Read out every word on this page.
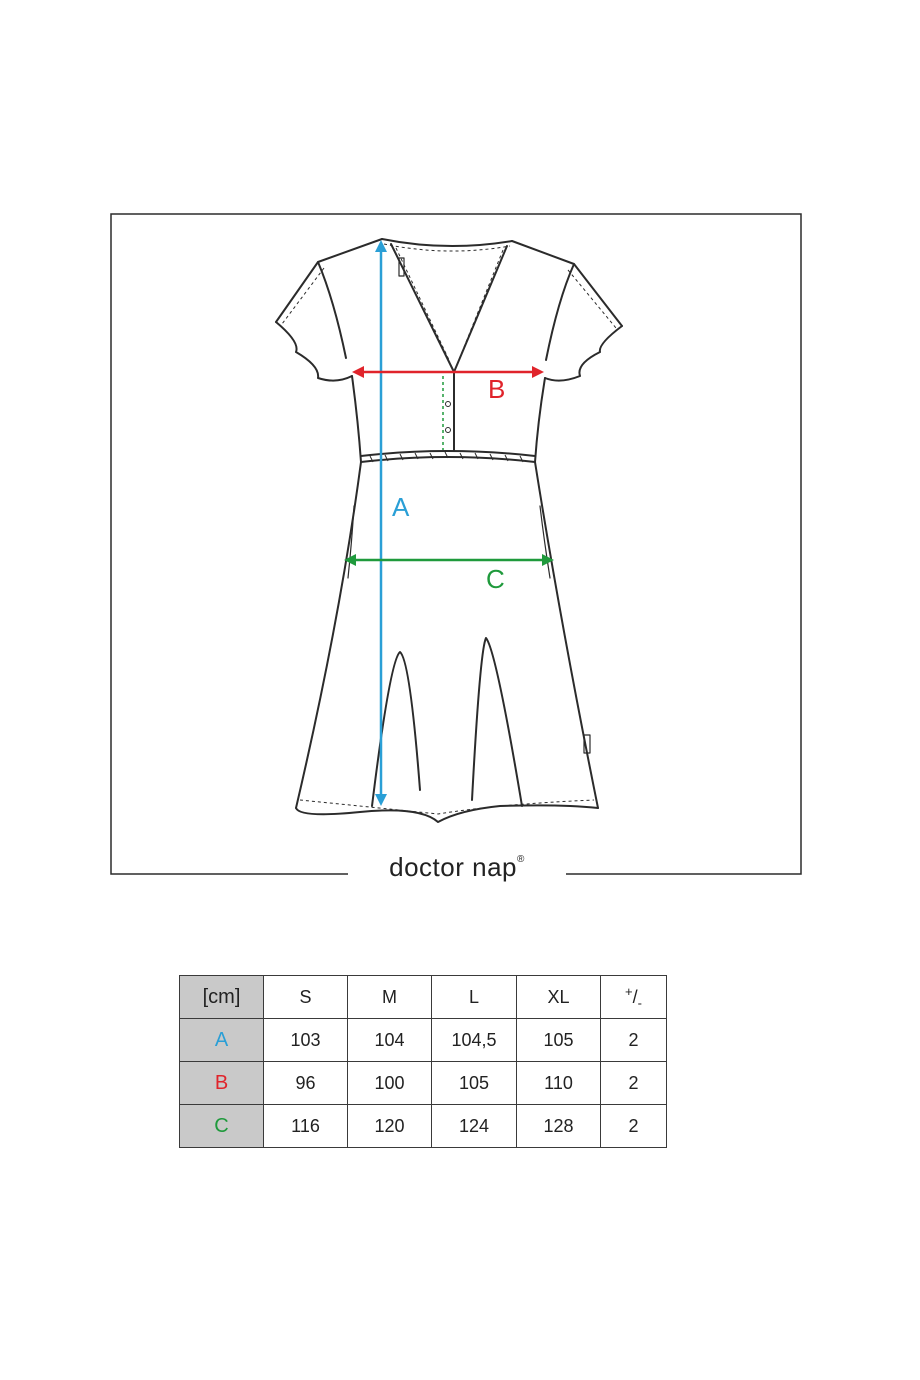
A
B
C
doctor nap®
[cm]	S	M	L	XL	$^+/_-$
A	103	104	104,5	105	2
B	96	100	105	110	2
C	116	120	124	128	2
